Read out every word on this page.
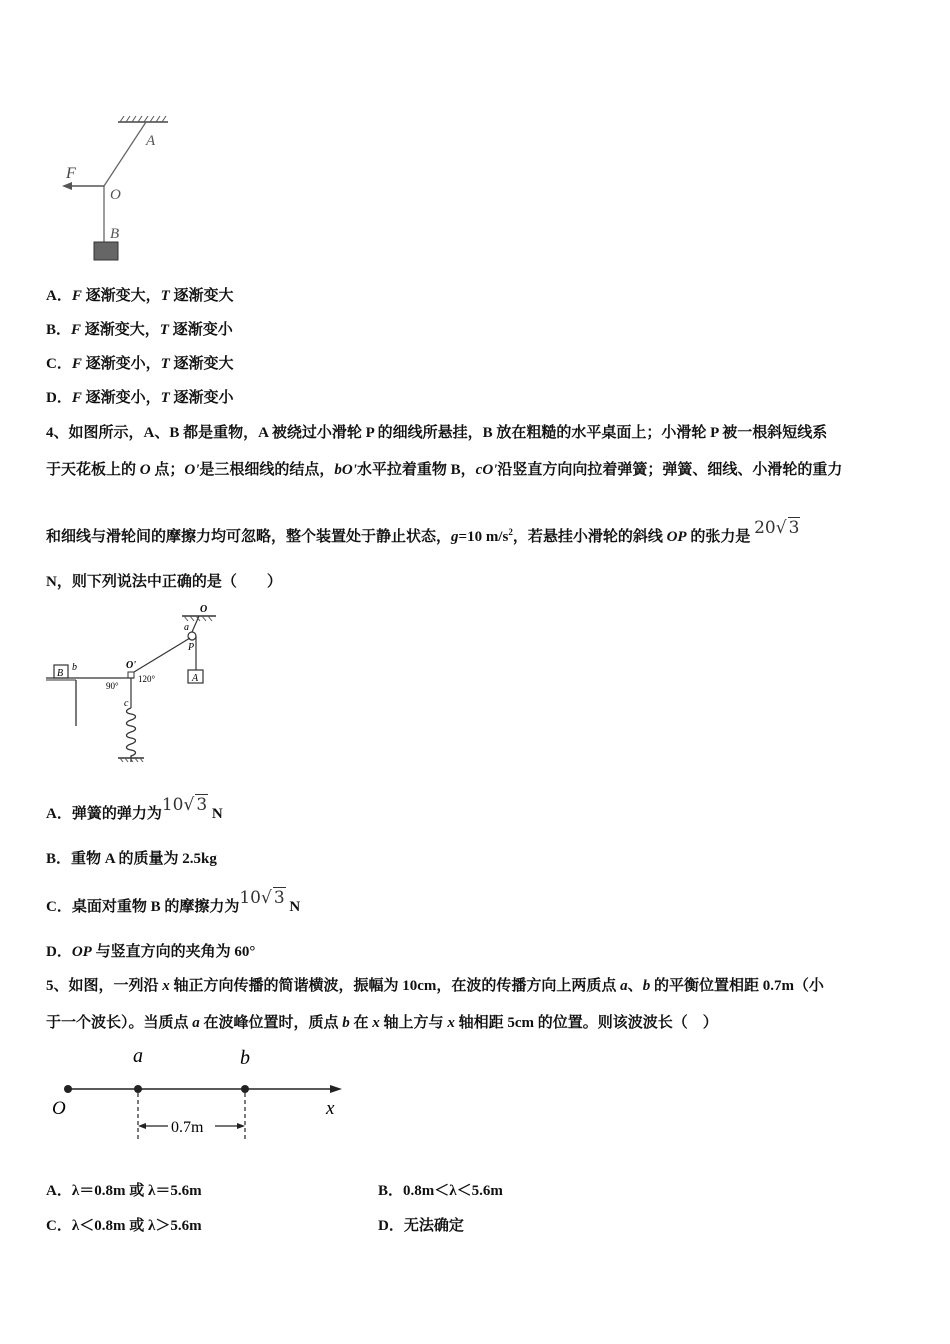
A
F
O
B
A．F 逐渐变大，T 逐渐变大
B．F 逐渐变大，T 逐渐变小
C．F 逐渐变小，T 逐渐变大
D．F 逐渐变小，T 逐渐变小
4、如图所示，A、B 都是重物，A 被绕过小滑轮 P 的细线所悬挂，B 放在粗糙的水平桌面上；小滑轮 P 被一根斜短线系
于天花板上的 O 点；O'是三根细线的结点，bO'水平拉着重物 B，cO'沿竖直方向向拉着弹簧；弹簧、细线、小滑轮的重力
和细线与滑轮间的摩擦力均可忽略，整个装置处于静止状态，g=10 $m/s^2$，若悬挂小滑轮的斜线 OP 的张力是 20√ 3
N，则下列说法中正确的是（　　）
O
a
P
A
B
b	O'
90°
120°
c
A．弹簧的弹力为10√ 3 N
B．重物 A 的质量为 2.5kg
C．桌面对重物 B 的摩擦力为10√ 3 N
D．OP 与竖直方向的夹角为 60°
5、如图，一列沿 x 轴正方向传播的简谐横波，振幅为 10cm，在波的传播方向上两质点 a、b 的平衡位置相距 0.7m（小
于一个波长）。当质点 a 在波峰位置时，质点 b 在 x 轴上方与 x 轴相距 5cm 的位置。则该波波长（　）
a	b
O	x
0.7m
A．λ＝0.8m 或 λ＝5.6m	B．0.8m＜λ＜5.6m
C．λ＜0.8m 或 λ＞5.6m	D．无法确定
